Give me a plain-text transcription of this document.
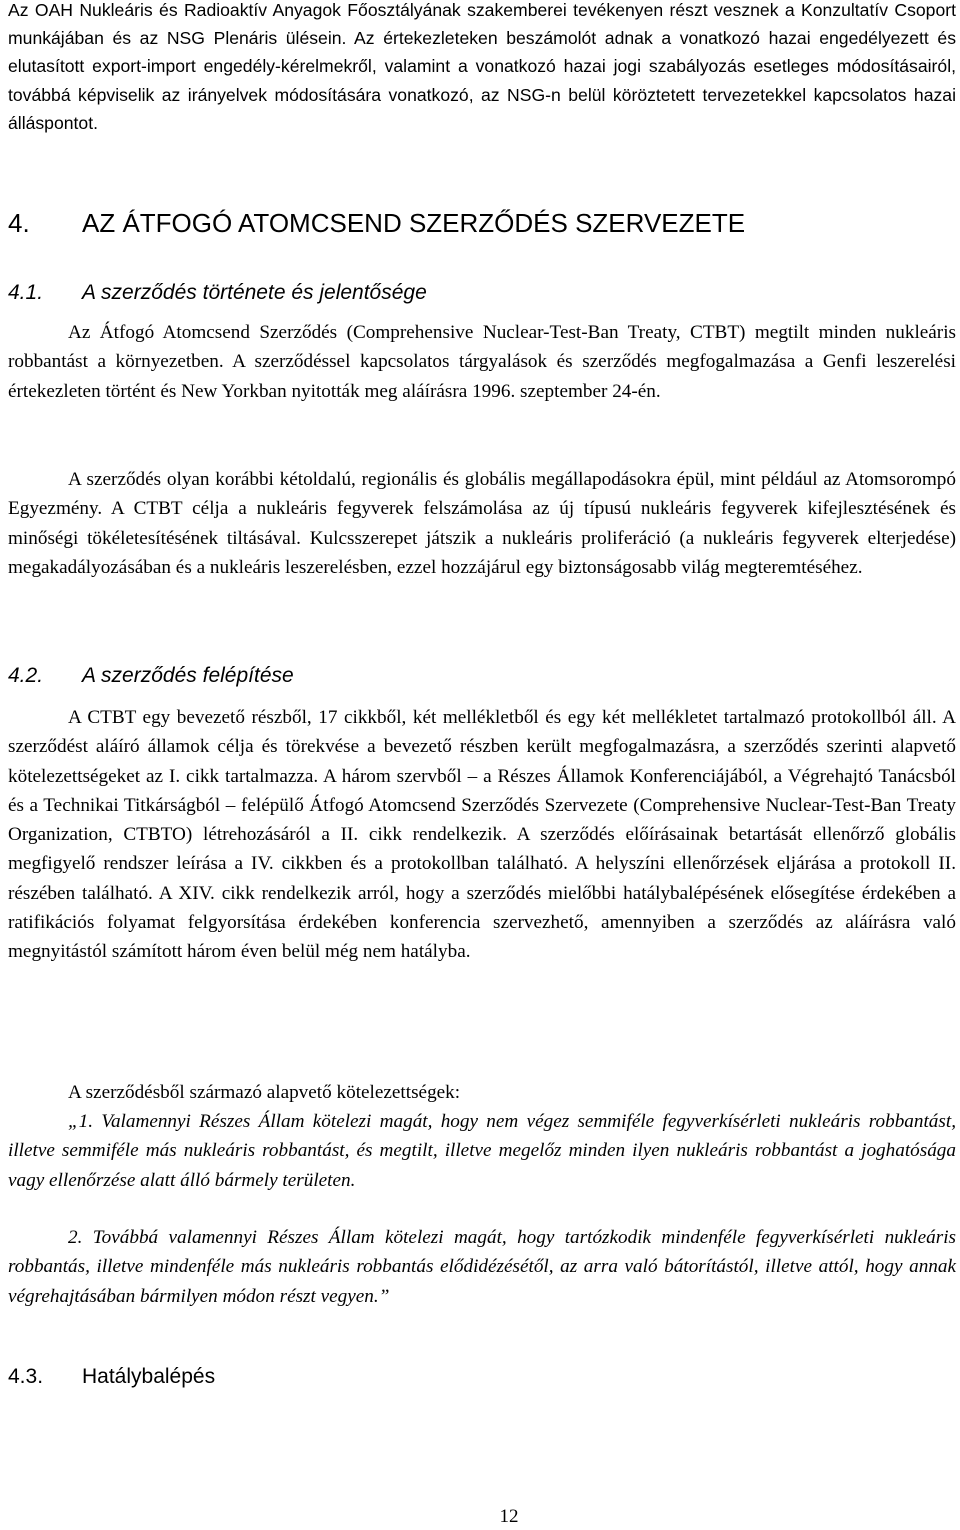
Az OAH Nukleáris és Radioaktív Anyagok Főosztályának szakemberei tevékenyen részt vesznek a Konzultatív Csoport munkájában és az NSG Plenáris ülésein. Az értekezleteken beszámolót adnak a vonatkozó hazai engedélyezett és elutasított export-import engedély-kérelmekről, valamint a vonatkozó hazai jogi szabályozás esetleges módosításairól, továbbá képviselik az irányelvek módosítására vonatkozó, az NSG-n belül köröztetett tervezetekkel kapcsolatos hazai álláspontot.

4. AZ ÁTFOGÓ ATOMCSEND SZERZŐDÉS SZERVEZETE
4.1. A szerződés története és jelentősége

Az Átfogó Atomcsend Szerződés (Comprehensive Nuclear-Test-Ban Treaty, CTBT) megtilt minden nukleáris robbantást a környezetben. A szerződéssel kapcsolatos tárgyalások és szerződés megfogalmazása a Genfi leszerelési értekezleten történt és New Yorkban nyitották meg aláírásra 1996. szeptember 24-én.

A szerződés olyan korábbi kétoldalú, regionális és globális megállapodásokra épül, mint például az Atomsorompó Egyezmény. A CTBT célja a nukleáris fegyverek felszámolása az új típusú nukleáris fegyverek kifejlesztésének és minőségi tökéletesítésének tiltásával. Kulcsszerepet játszik a nukleáris proliferáció (a nukleáris fegyverek elterjedése) megakadályozásában és a nukleáris leszerelésben, ezzel hozzájárul egy biztonságosabb világ megteremtéséhez.

4.2. A szerződés felépítése

A CTBT egy bevezető részből, 17 cikkből, két mellékletből és egy két mellékletet tartalmazó protokollból áll. A szerződést aláíró államok célja és törekvése a bevezető részben került megfogalmazásra, a szerződés szerinti alapvető kötelezettségeket az I. cikk tartalmazza. A három szervből – a Részes Államok Konferenciájából, a Végrehajtó Tanácsból és a Technikai Titkárságból – felépülő Átfogó Atomcsend Szerződés Szervezete (Comprehensive Nuclear-Test-Ban Treaty Organization, CTBTO) létrehozásáról a II. cikk rendelkezik. A szerződés előírásainak betartását ellenőrző globális megfigyelő rendszer leírása a IV. cikkben és a protokollban található. A helyszíni ellenőrzések eljárása a protokoll II. részében található. A XIV. cikk rendelkezik arról, hogy a szerződés mielőbbi hatálybalépésének elősegítése érdekében a ratifikációs folyamat felgyorsítása érdekében konferencia szervezhető, amennyiben a szerződés az aláírásra való megnyitástól számított három éven belül még nem hatályba.

A szerződésből származó alapvető kötelezettségek:

„1. Valamennyi Részes Állam kötelezi magát, hogy nem végez semmiféle fegyverkísérleti nukleáris robbantást, illetve semmiféle más nukleáris robbantást, és megtilt, illetve megelőz minden ilyen nukleáris robbantást a joghatósága vagy ellenőrzése alatt álló bármely területen.

2. Továbbá valamennyi Részes Állam kötelezi magát, hogy tartózkodik mindenféle fegyverkísérleti nukleáris robbantás, illetve mindenféle más nukleáris robbantás elődidézésétől, az arra való bátorítástól, illetve attól, hogy annak végrehajtásában bármilyen módon részt vegyen.”

4.3. Hatálybalépés
12
